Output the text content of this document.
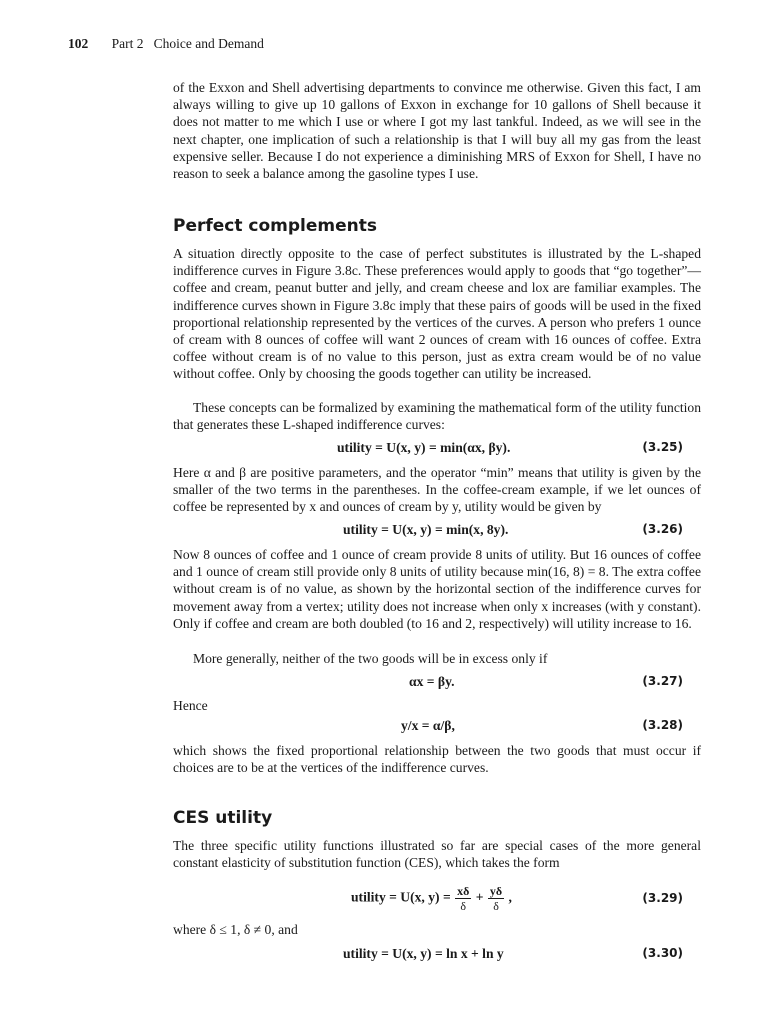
102 Part 2   Choice and Demand

of the Exxon and Shell advertising departments to convince me otherwise. Given this fact, I am always willing to give up 10 gallons of Exxon in exchange for 10 gallons of Shell because it does not matter to me which I use or where I got my last tankful. Indeed, as we will see in the next chapter, one implication of such a relationship is that I will buy all my gas from the least expensive seller. Because I do not experience a diminishing MRS of Exxon for Shell, I have no reason to seek a balance among the gasoline types I use.

Perfect complements

A situation directly opposite to the case of perfect substitutes is illustrated by the L-shaped indifference curves in Figure 3.8c. These preferences would apply to goods that “go together”—coffee and cream, peanut butter and jelly, and cream cheese and lox are familiar examples. The indifference curves shown in Figure 3.8c imply that these pairs of goods will be used in the fixed proportional relationship represented by the vertices of the curves. A person who prefers 1 ounce of cream with 8 ounces of coffee will want 2 ounces of cream with 16 ounces of coffee. Extra coffee without cream is of no value to this person, just as extra cream would be of no value without coffee. Only by choosing the goods together can utility be increased.

These concepts can be formalized by examining the mathematical form of the utility function that generates these L-shaped indifference curves:

utility = U(x, y) = min(αx, βy).	(3.25)

Here α and β are positive parameters, and the operator “min” means that utility is given by the smaller of the two terms in the parentheses. In the coffee-cream example, if we let ounces of coffee be represented by x and ounces of cream by y, utility would be given by

utility = U(x, y) = min(x, 8y).	(3.26)

Now 8 ounces of coffee and 1 ounce of cream provide 8 units of utility. But 16 ounces of coffee and 1 ounce of cream still provide only 8 units of utility because min(16, 8) = 8. The extra coffee without cream is of no value, as shown by the horizontal section of the indifference curves for movement away from a vertex; utility does not increase when only x increases (with y constant). Only if coffee and cream are both doubled (to 16 and 2, respectively) will utility increase to 16.

More generally, neither of the two goods will be in excess only if

αx = βy.	(3.27)

Hence

y/x = α/β,	(3.28)

which shows the fixed proportional relationship between the two goods that must occur if choices are to be at the vertices of the indifference curves.

CES utility

The three specific utility functions illustrated so far are special cases of the more general constant elasticity of substitution function (CES), which takes the form

utility = U(x, $y) = \frac{x\delta}{\delta} + \frac{y\delta}{\delta}$ ,	(3.29)

where δ ≤ 1, δ ≠ 0, and

utility = U(x, y) = ln x + ln y	(3.30)
